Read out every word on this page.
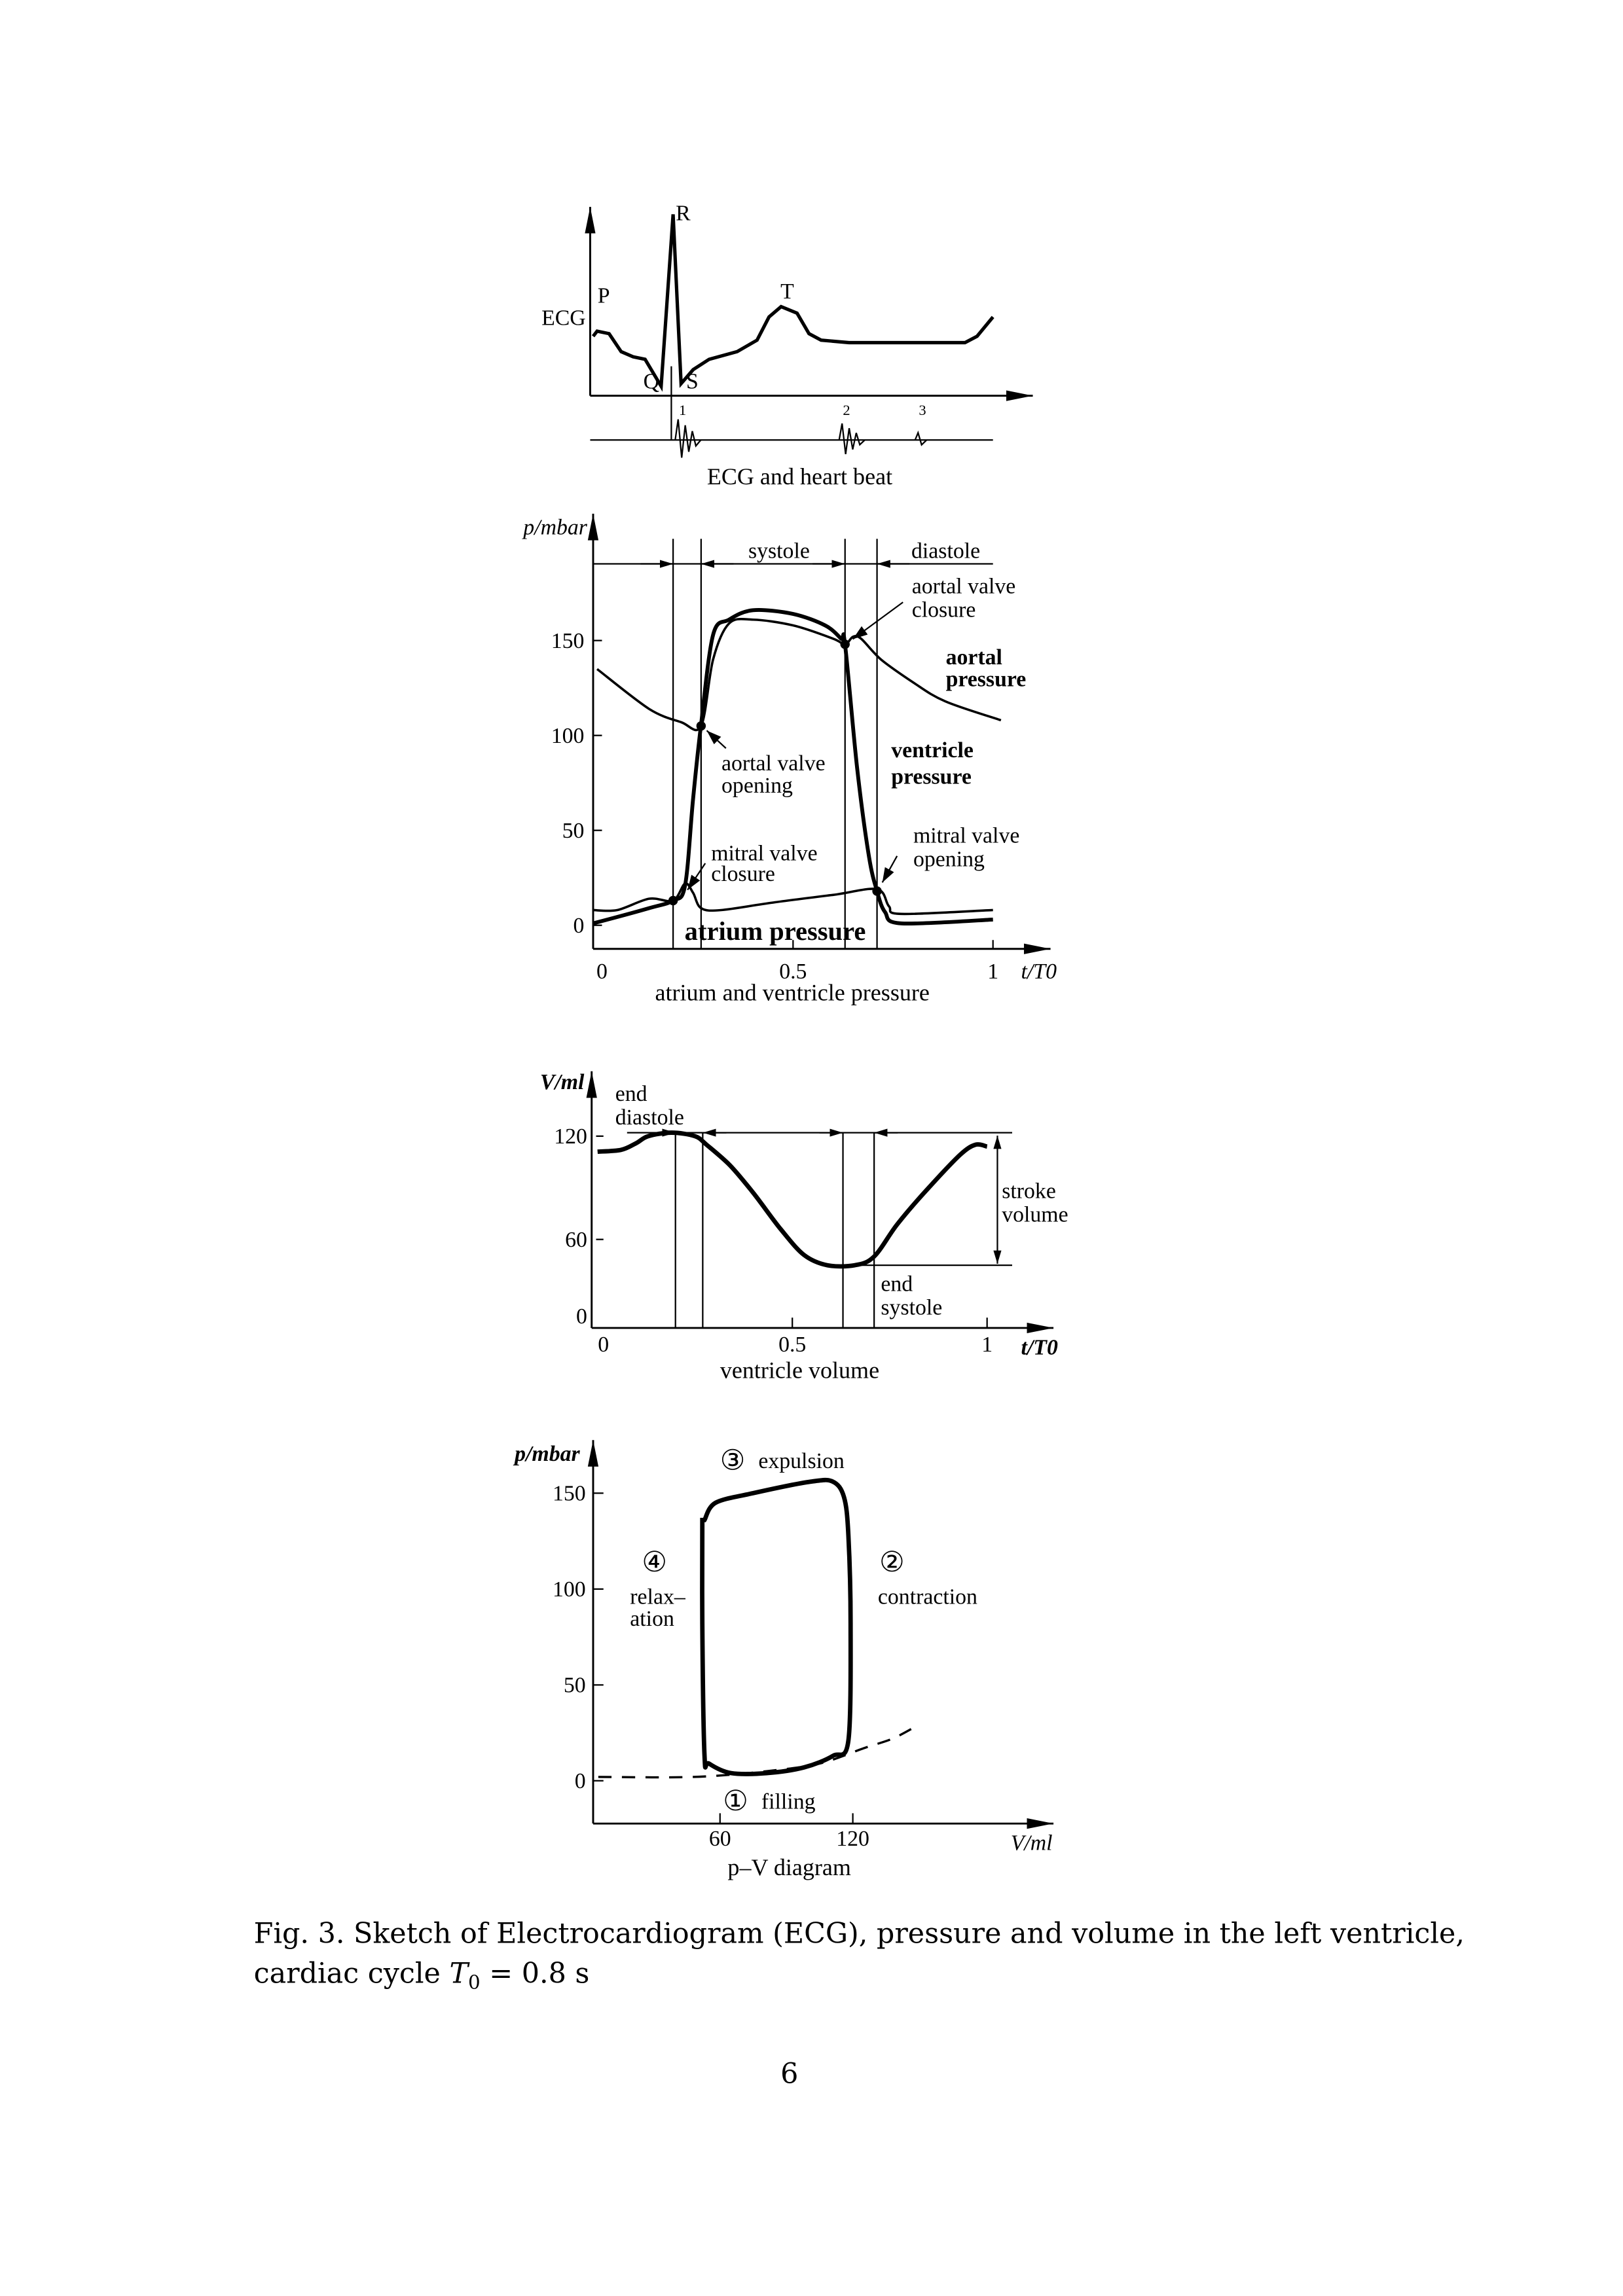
ECG
P
R
T
Q	S
1	2	3
ECG and heart beat
p/mbar
t/T0
0
50
100
150
0	0.5	1
systole	diastole
aortal valve
closure
aortal
pressure
aortal valve
opening
ventricle
pressure
mitral valve
closure
mitral valve
opening
atrium pressure
atrium and ventricle pressure
V/ml
t/T0
0
60
120
0	0.5	1
end
diastole
stroke
volume
end
systole
ventricle volume
p/mbar
V/ml
0
50
100
150
60	120
③ expulsion
④
relax–
ation
②
contraction
① filling
p–V diagram
Fig. 3. Sketch of Electrocardiogram (ECG), pressure and volume in the left ventricle,
cardiac cycle $T_0 = 0.8$ s
6
